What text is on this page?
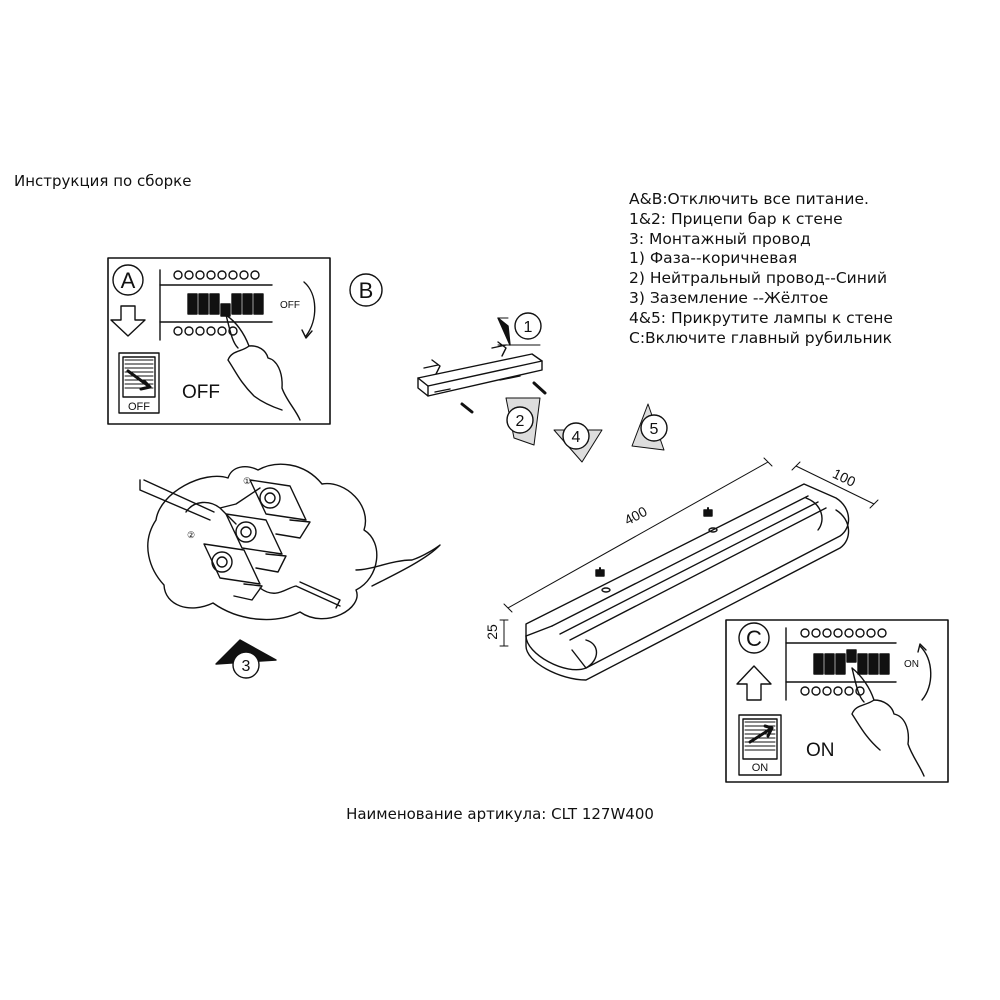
Инструкция по сборке
A&B:Отключить все питание.
1&2: Прицепи бар к стене
3: Монтажный провод
1) Фаза--коричневая
2) Нейтральный провод--Синий
3) Заземление --Жёлтое
4&5: Прикрутите лампы к стене
C:Включите главный рубильник
Наименование артикула: CLT 127W400
A
OFF
OFF
OFF
B
①
②
1
2
3
4	5
400
100
25	C
ON
ON
ON
